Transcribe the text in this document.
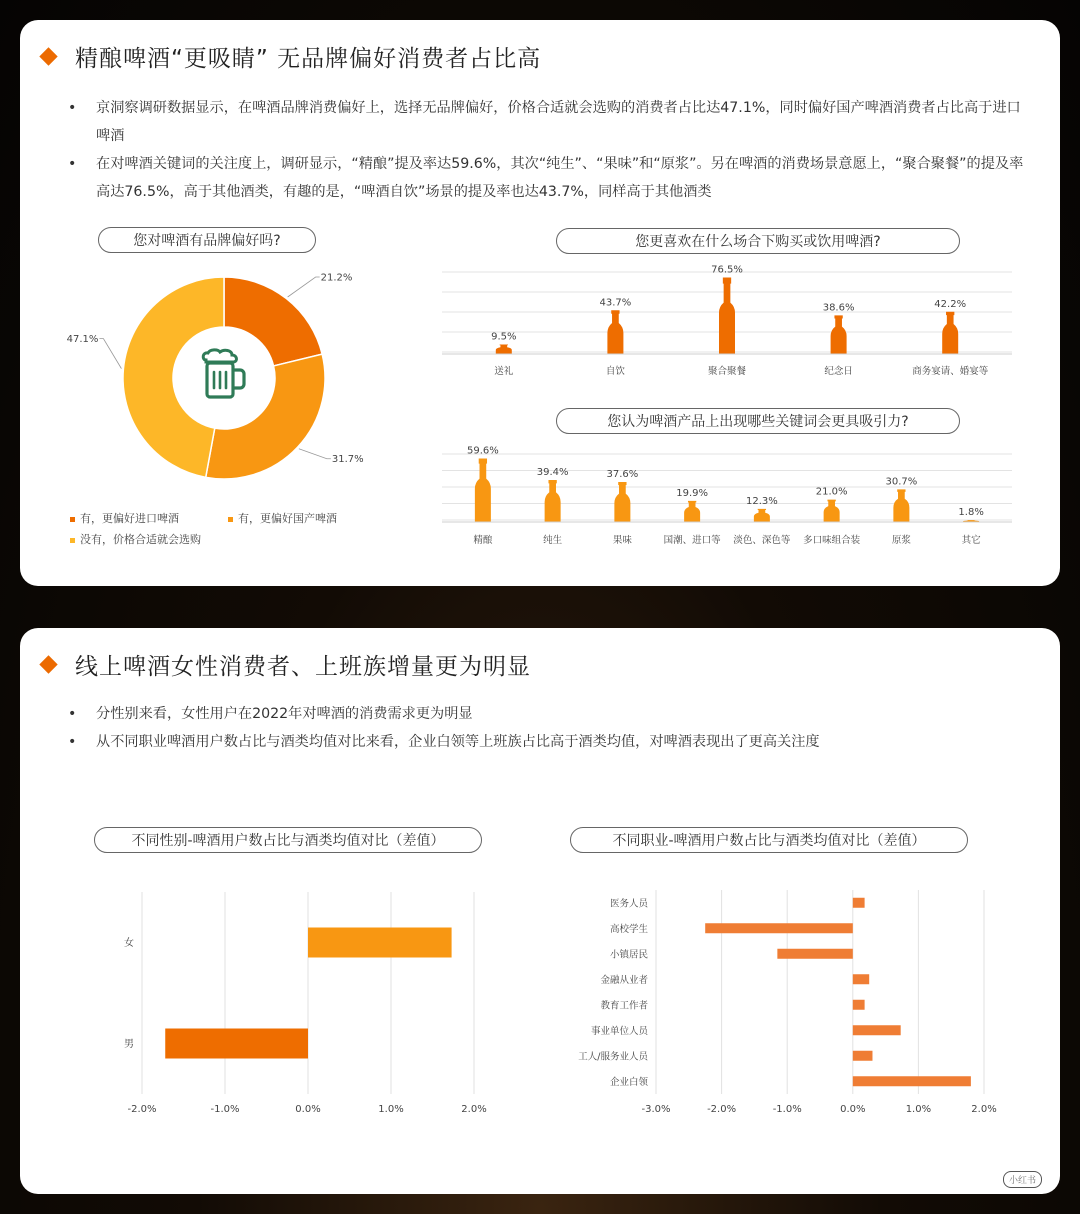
精酿啤酒“更吸睛” 无品牌偏好消费者占比高
• 京洞察调研数据显示，在啤酒品牌消费偏好上，选择无品牌偏好，价格合适就会选购的消费者占比达47.1%，同时偏好国产啤酒消费者占比高于进口啤酒
• 在对啤酒关键词的关注度上，调研显示，“精酿”提及率达59.6%，其次“纯生”、“果味”和“原浆”。另在啤酒的消费场景意愿上，“聚合聚餐”的提及率高达76.5%，高于其他酒类，有趣的是，“啤酒自饮”场景的提及率也达43.7%，同样高于其他酒类
您对啤酒有品牌偏好吗?	您更喜欢在什么场合下购买或饮用啤酒?
您认为啤酒产品上出现哪些关键词会更具吸引力?
21.2%
31.7%
47.1%
有，更偏好进口啤酒	有，更偏好国产啤酒
没有，价格合适就会选购
9.5%
送礼
43.7%
自饮
76.5%
聚合聚餐
38.6%
纪念日
42.2%
商务宴请、婚宴等
59.6%
精酿
39.4%
纯生
37.6%
果味
19.9%
国潮、进口等
12.3%
淡色、深色等
21.0%
多口味组合装
30.7%
原浆
1.8%
其它
线上啤酒女性消费者、上班族增量更为明显
• 分性别来看，女性用户在2022年对啤酒的消费需求更为明显
• 从不同职业啤酒用户数占比与酒类均值对比来看，企业白领等上班族占比高于酒类均值，对啤酒表现出了更高关注度
不同性别-啤酒用户数占比与酒类均值对比（差值）	不同职业-啤酒用户数占比与酒类均值对比（差值）
-2.0%	-1.0%	0.0%	1.0%	2.0%
女
男
-3.0%	-2.0%	-1.0%	0.0%	1.0%	2.0%
医务人员
高校学生
小镇居民
金融从业者
教育工作者
事业单位人员
工人/服务业人员
企业白领
小红书
